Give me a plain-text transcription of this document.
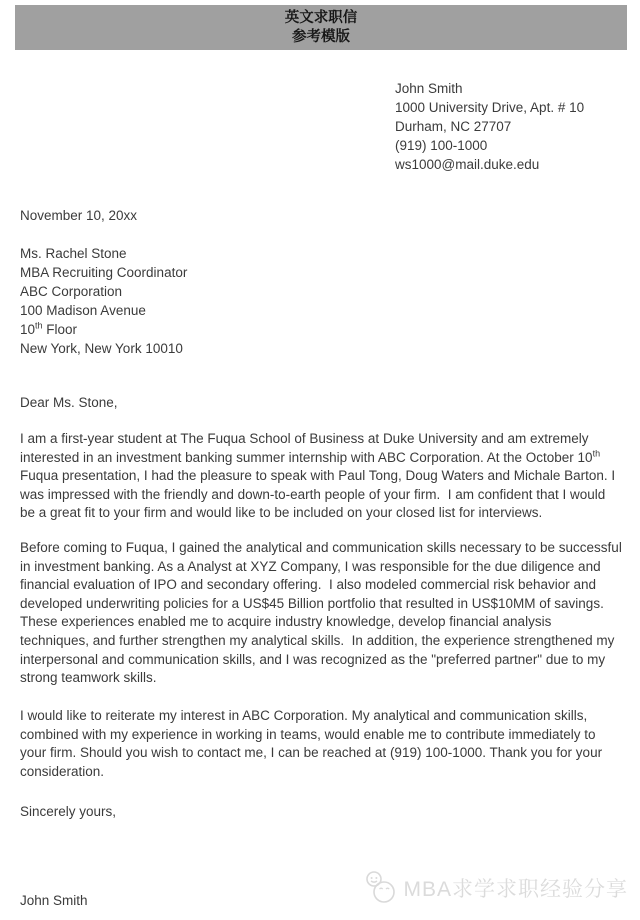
英文求职信
参考模版
John Smith
1000 University Drive, Apt. # 10
Durham, NC 27707
(919) 100-1000
ws1000@mail.duke.edu
November 10, 20xx
Ms. Rachel Stone
MBA Recruiting Coordinator
ABC Corporation
100 Madison Avenue
10th Floor
New York, New York 10010
Dear Ms. Stone,

I am a first-year student at The Fuqua School of Business at Duke University and am extremely interested in an investment banking summer internship with ABC Corporation. At the October 10th Fuqua presentation, I had the pleasure to speak with Paul Tong, Doug Waters and Michale Barton. I was impressed with the friendly and down-to-earth people of your firm.  I am confident that I would be a great fit to your firm and would like to be included on your closed list for interviews.

Before coming to Fuqua, I gained the analytical and communication skills necessary to be successful in investment banking. As a Analyst at XYZ Company, I was responsible for the due diligence and financial evaluation of IPO and secondary offering.  I also modeled commercial risk behavior and developed underwriting policies for a US$45 Billion portfolio that resulted in US$10MM of savings.  These experiences enabled me to acquire industry knowledge, develop financial analysis techniques, and further strengthen my analytical skills.  In addition, the experience strengthened my interpersonal and communication skills, and I was recognized as the "preferred partner" due to my strong teamwork skills.

I would like to reiterate my interest in ABC Corporation. My analytical and communication skills, combined with my experience in working in teams, would enable me to contribute immediately to your firm. Should you wish to contact me, I can be reached at (919) 100-1000. Thank you for your consideration.

Sincerely yours,
John Smith	MBA求学求职经验分享
